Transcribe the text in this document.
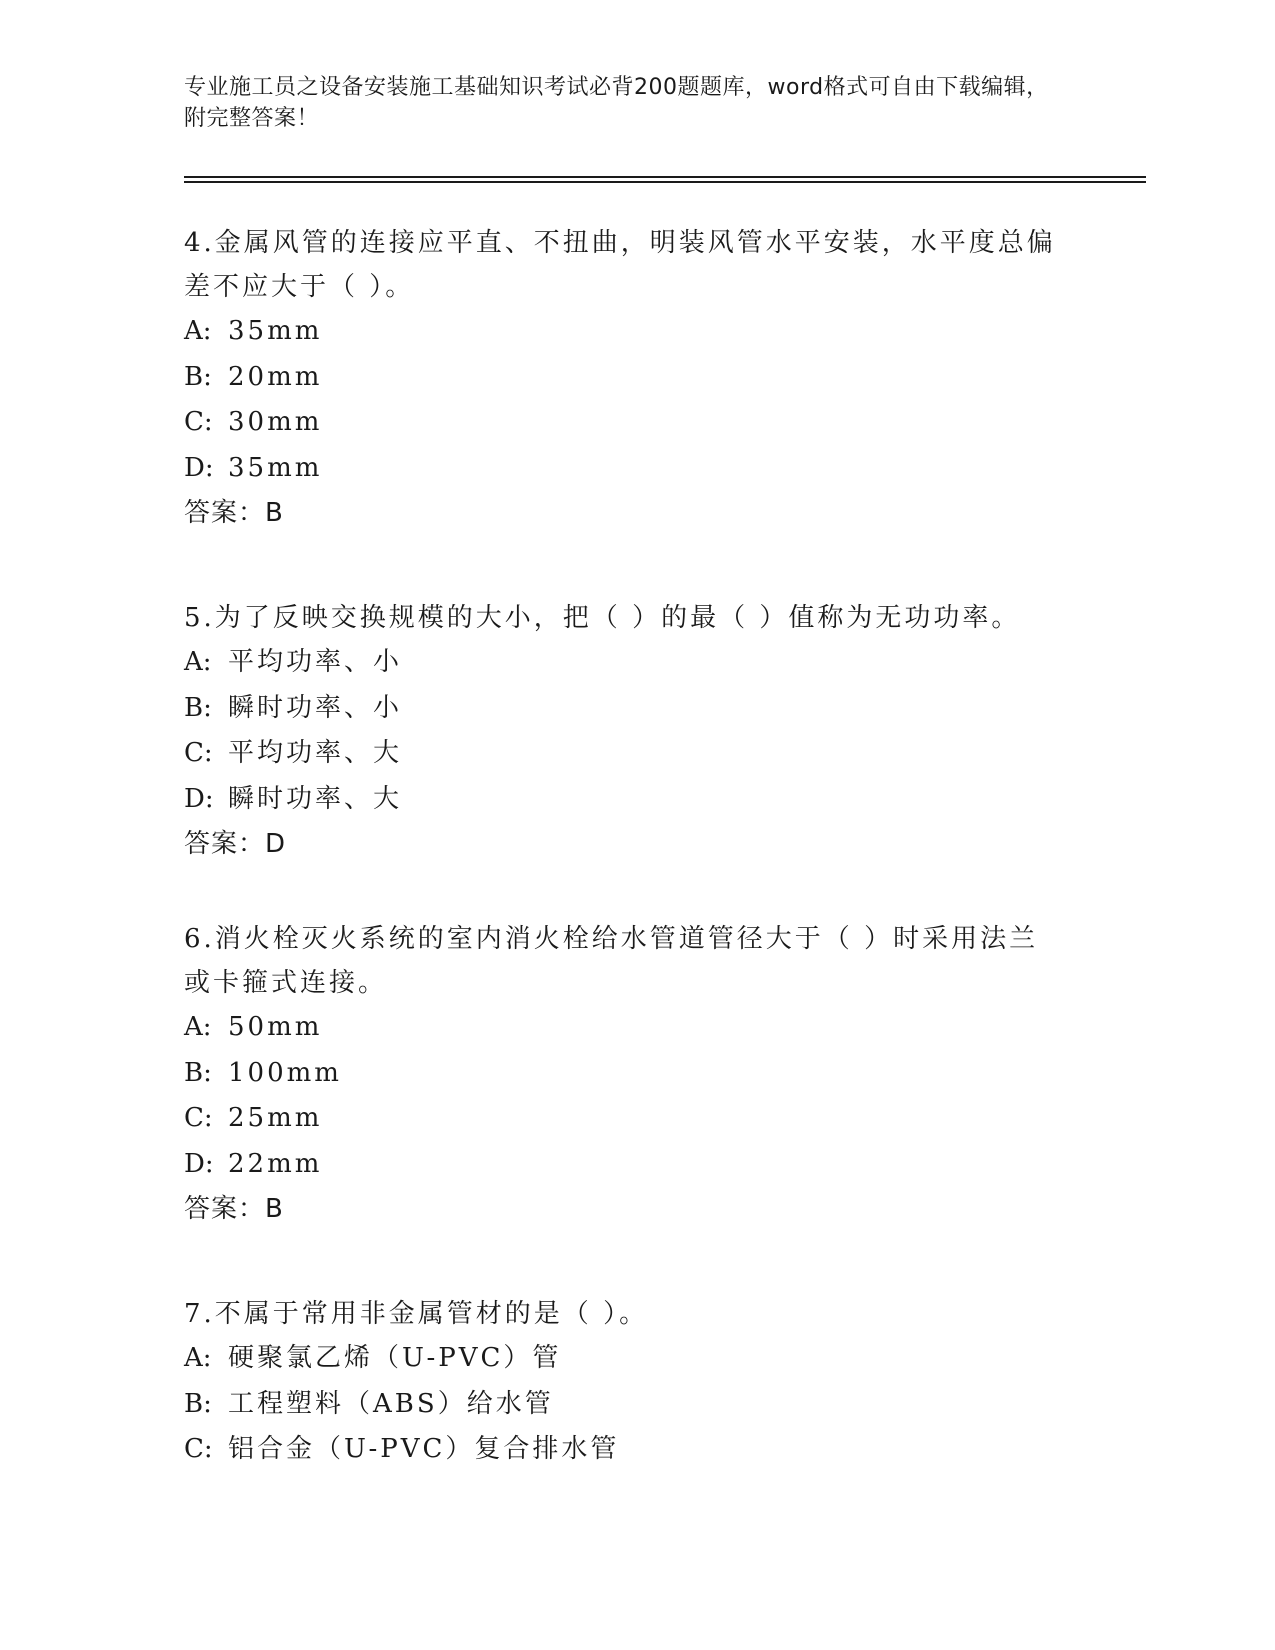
专业施工员之设备安装施工基础知识考试必背200题题库，word格式可自由下载编辑，附完整答案！

4.金属风管的连接应平直、不扭曲，明装风管水平安装，水平度总偏差不应大于（ ）。

A: 35mm
B: 20mm
C: 30mm
D: 35mm
答案：B

5.为了反映交换规模的大小，把（ ）的最（ ）值称为无功功率。

A: 平均功率、小
B: 瞬时功率、小
C: 平均功率、大
D: 瞬时功率、大
答案：D

6.消火栓灭火系统的室内消火栓给水管道管径大于（ ）时采用法兰或卡箍式连接。

A: 50mm
B: 100mm
C: 25mm
D: 22mm
答案：B

7.不属于常用非金属管材的是（ ）。

A: 硬聚氯乙烯（U-PVC）管
B: 工程塑料（ABS）给水管
C: 铝合金（U-PVC）复合排水管
